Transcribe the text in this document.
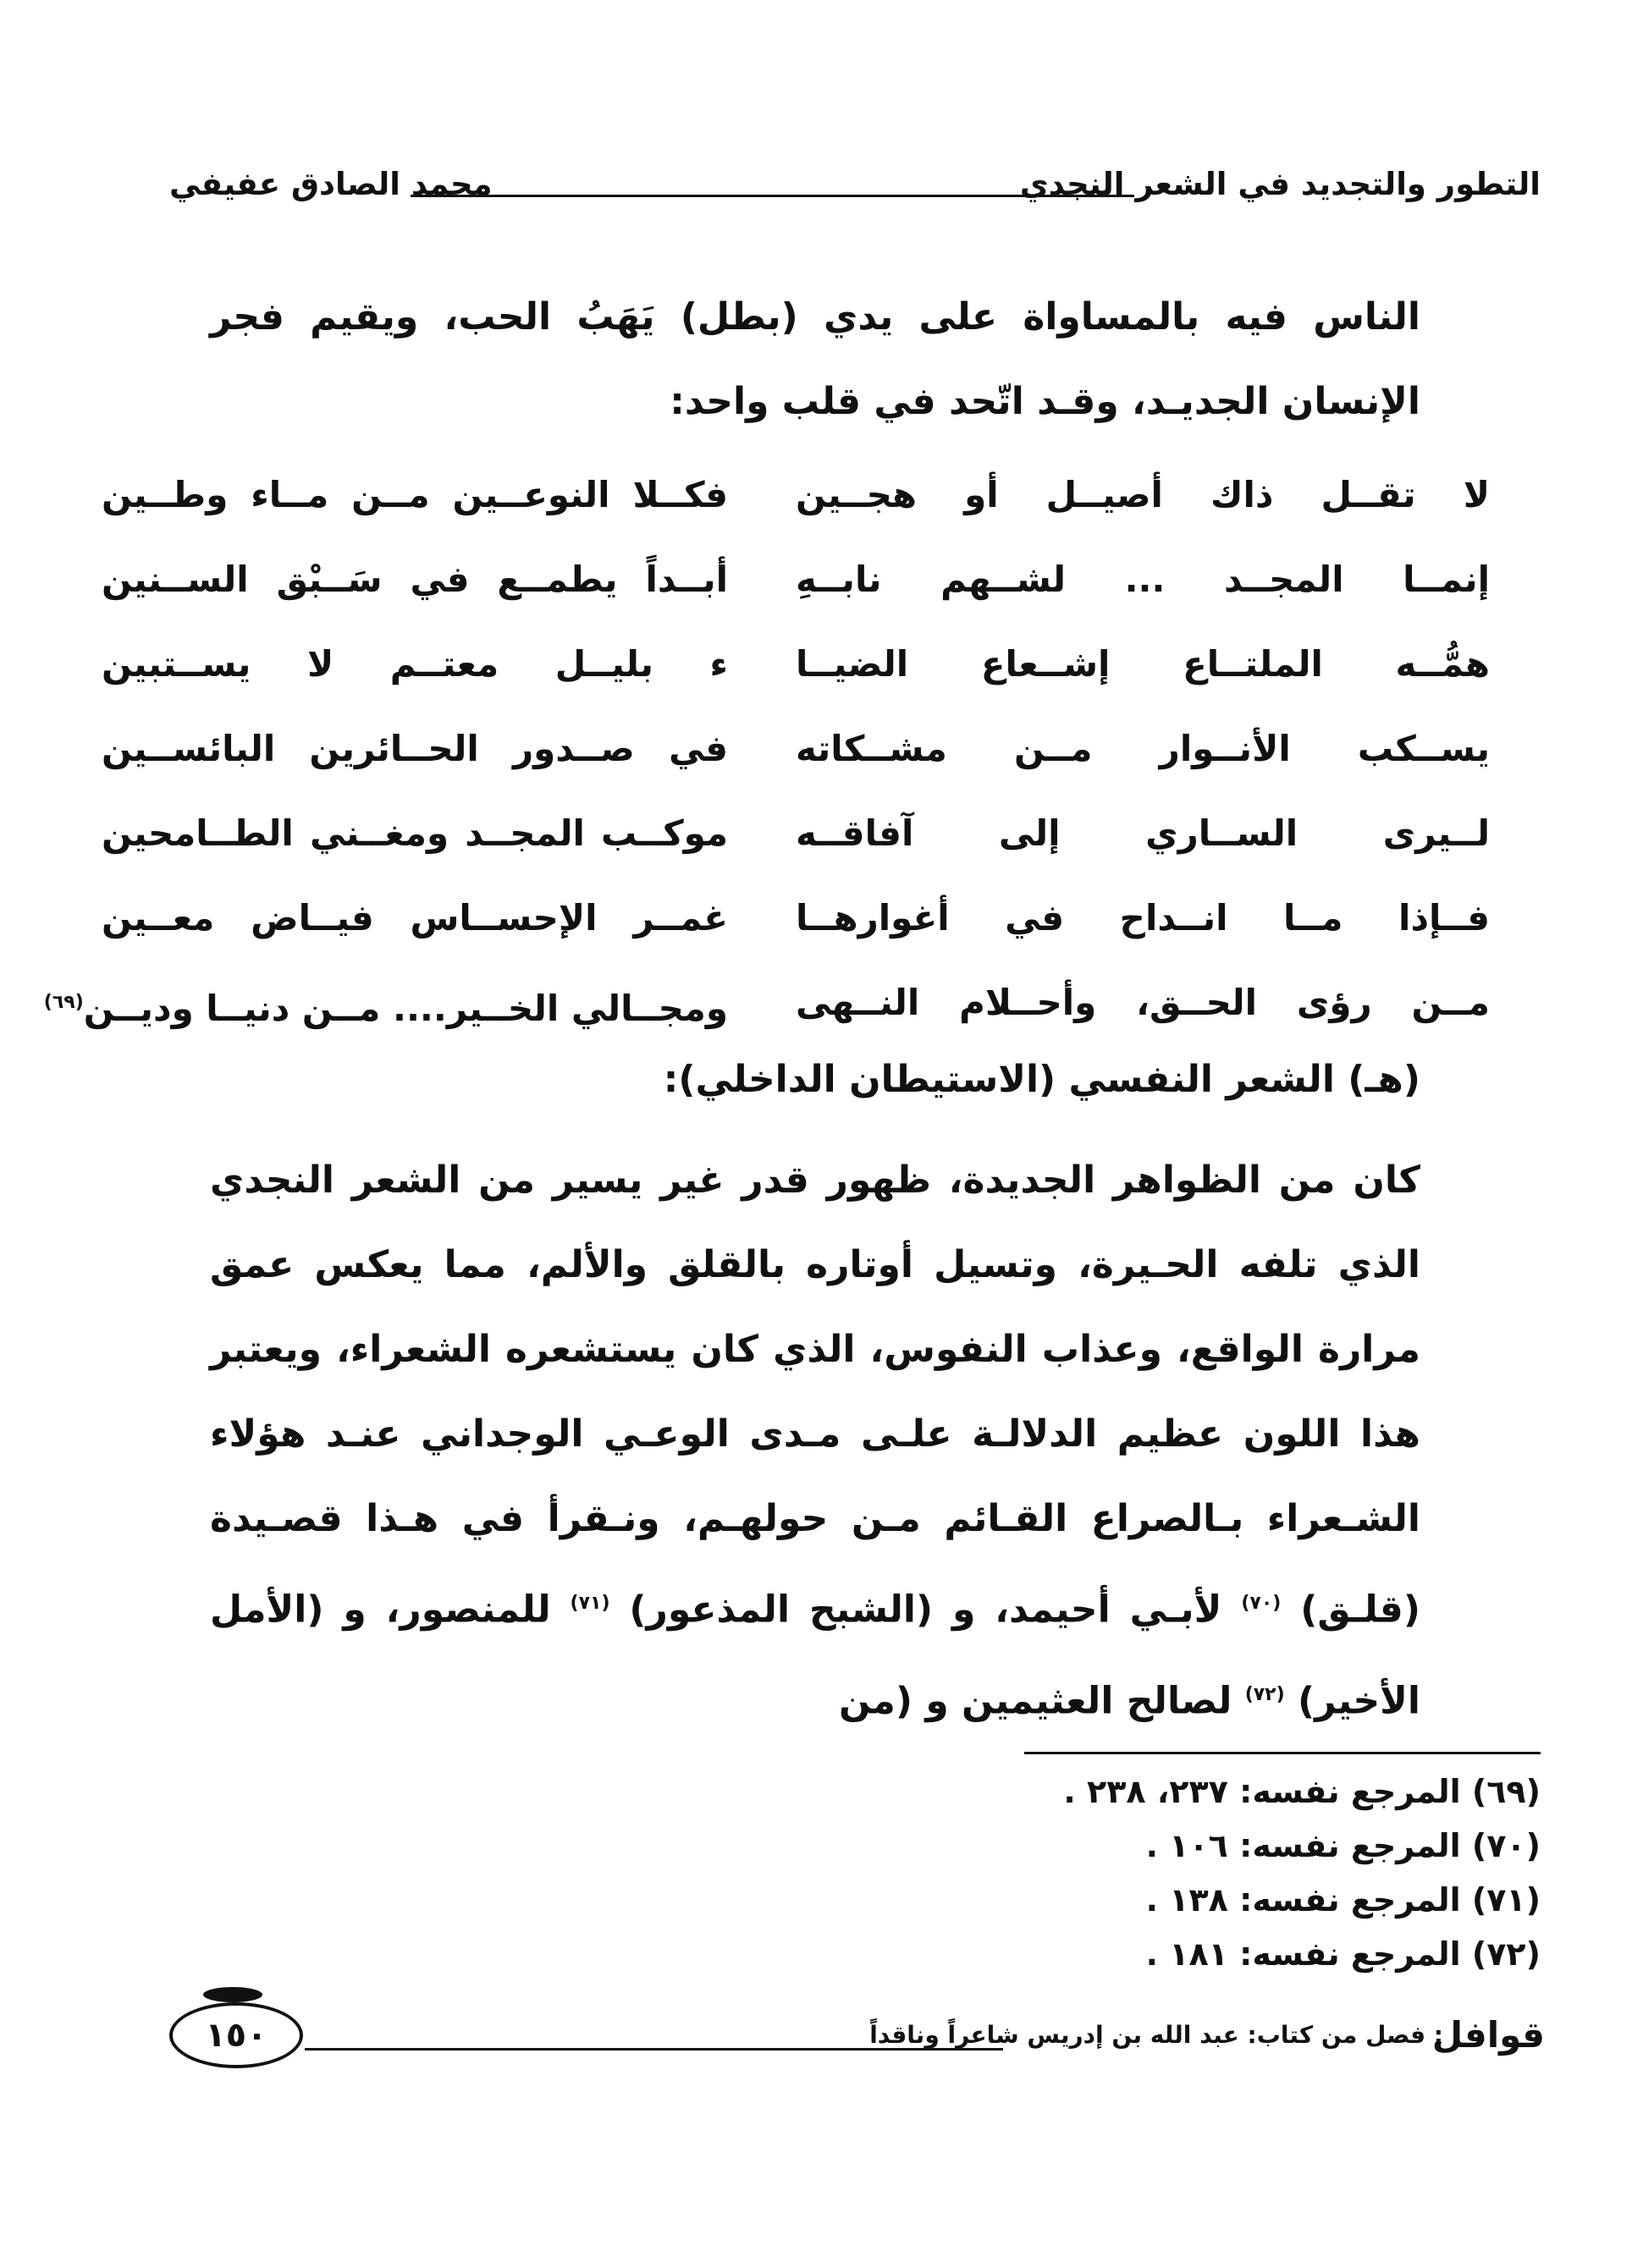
التطور والتجديد في الشعر النجدي
محمد الصادق عفيفي
الناس فيه بالمساواة على يدي (بطل) يَهَبُ الحب، ويقيم فجر الإنسان الجديـد، وقـد اتّحد في قلب واحد:
لا تقــل ذاك أصيــل أو هجــين
فكــلا النوعــين مــن مــاء وطــين
إنمــا المجــد ... لشــهم نابــهِ
أبــداً يطمــع في سَــبْق الســنين
همُّــه الملتــاع إشــعاع الضيــا
ء بليــل معتــم لا يســتبين
يســكب الأنــوار مــن مشــكاته
في صــدور الحــائرين البائســين
لــيرى الســاري إلى آفاقــه
موكــب المجــد ومغــني الطــامحين
فــإذا مــا انــداح في أغوارهــا
غمــر الإحســاس فيــاض معــين
مــن رؤى الحــق، وأحــلام النــهى
ومجــالي الخــير.... مــن دنيــا وديــن$^{(٦٩)}$
(هـ) الشعر النفسي (الاستيطان الداخلي):
كان من الظواهر الجديدة، ظهور قدر غير يسير من الشعر النجدي الذي تلفه الحـيرة، وتسيل أوتاره بالقلق والألم، مما يعكس عمق مرارة الواقع، وعذاب النفوس، الذي كان يستشعره الشعراء، ويعتبر هذا اللون عظيم الدلالـة علـى مـدى الوعـي الوجداني عنـد هؤلاء الشـعراء بـالصراع القـائم مـن حولهـم، ونـقرأ في هـذا قصـيدة (قلـق) $^{(٧٠)}$ لأبـي أحيمد، و (الشبح المذعور) $^{(٧١)}$ للمنصور، و (الأمل الأخير) $^{(٧٢)}$ لصالح العثيمين و (من
(٦٩) المرجع نفسه: ٢٣٧، ٢٣٨ .
(٧٠) المرجع نفسه: ١٠٦ .
(٧١) المرجع نفسه: ١٣٨ .
(٧٢) المرجع نفسه: ١٨١ .
قوافل
: فصل من كتاب: عبد الله بن إدريس شاعراً وناقداً
١٥٠
